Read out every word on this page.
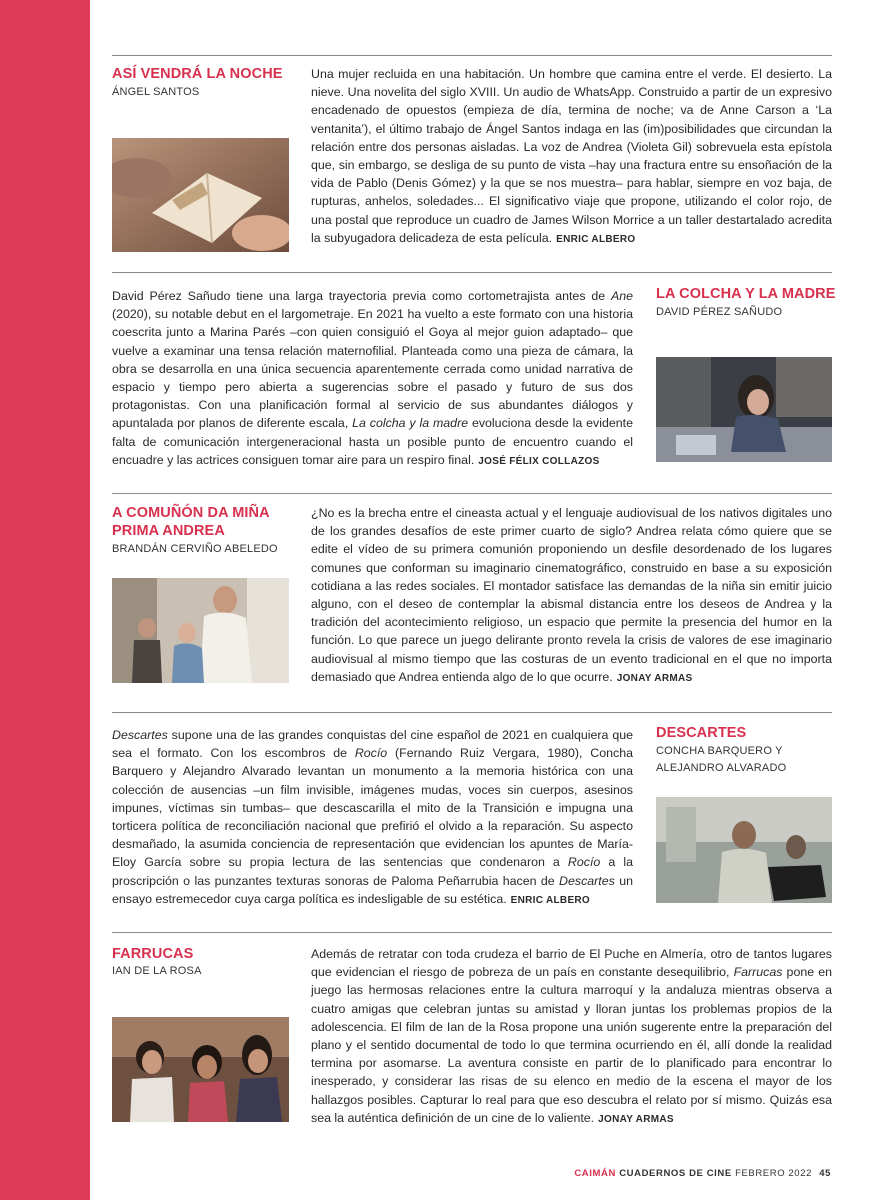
ASÍ VENDRÁ LA NOCHE
ÁNGEL SANTOS
Una mujer recluida en una habitación. Un hombre que camina entre el verde. El desierto. La nieve. Una novelita del siglo XVIII. Un audio de WhatsApp. Construido a partir de un expresivo encadenado de opuestos (empieza de día, termina de noche; va de Anne Carson a ‘La ventanita’), el último trabajo de Ángel Santos indaga en las (im)posibilidades que circundan la relación entre dos personas aisladas. La voz de Andrea (Violeta Gil) sobrevuela esta epístola que, sin embargo, se desliga de su punto de vista –hay una fractura entre su ensoñación de la vida de Pablo (Denis Gómez) y la que se nos muestra– para hablar, siempre en voz baja, de rupturas, anhelos, soledades... El significativo viaje que propone, utilizando el color rojo, de una postal que reproduce un cuadro de James Wilson Morrice a un taller destartalado acredita la subyugadora delicadeza de esta película. ENRIC ALBERO
David Pérez Sañudo tiene una larga trayectoria previa como cortometrajista antes de Ane (2020), su notable debut en el largometraje. En 2021 ha vuelto a este formato con una historia coescrita junto a Marina Parés –con quien consiguió el Goya al mejor guion adaptado– que vuelve a examinar una tensa relación maternofilial. Planteada como una pieza de cámara, la obra se desarrolla en una única secuencia aparentemente cerrada como unidad narrativa de espacio y tiempo pero abierta a sugerencias sobre el pasado y futuro de sus dos protagonistas. Con una planificación formal al servicio de sus abundantes diálogos y apuntalada por planos de diferente escala, La colcha y la madre evoluciona desde la evidente falta de comunicación intergeneracional hasta un posible punto de encuentro cuando el encuadre y las actrices consiguen tomar aire para un respiro final. JOSÉ FÉLIX COLLAZOS
LA COLCHA Y LA MADRE
DAVID PÉREZ SAÑUDO
A COMUÑÓN DA MIÑA PRIMA ANDREA
BRANDÁN CERVIÑO ABELEDO
¿No es la brecha entre el cineasta actual y el lenguaje audiovisual de los nativos digitales uno de los grandes desafíos de este primer cuarto de siglo? Andrea relata cómo quiere que se edite el vídeo de su primera comunión proponiendo un desfile desordenado de los lugares comunes que conforman su imaginario cinematográfico, construido en base a su exposición cotidiana a las redes sociales. El montador satisface las demandas de la niña sin emitir juicio alguno, con el deseo de contemplar la abismal distancia entre los deseos de Andrea y la tradición del acontecimiento religioso, un espacio que permite la presencia del humor en la función. Lo que parece un juego delirante pronto revela la crisis de valores de ese imaginario audiovisual al mismo tiempo que las costuras de un evento tradicional en el que no importa demasiado que Andrea entienda algo de lo que ocurre. JONAY ARMAS
Descartes supone una de las grandes conquistas del cine español de 2021 en cualquiera que sea el formato. Con los escombros de Rocío (Fernando Ruiz Vergara, 1980), Concha Barquero y Alejandro Alvarado levantan un monumento a la memoria histórica con una colección de ausencias –un film invisible, imágenes mudas, voces sin cuerpos, asesinos impunes, víctimas sin tumbas– que descascarilla el mito de la Transición e impugna una torticera política de reconciliación nacional que prefirió el olvido a la reparación. Su aspecto desmañado, la asumida conciencia de representación que evidencian los apuntes de María-Eloy García sobre su propia lectura de las sentencias que condenaron a Rocío a la proscripción o las punzantes texturas sonoras de Paloma Peñarrubia hacen de Descartes un ensayo estremecedor cuya carga política es indesligable de su estética. ENRIC ALBERO
DESCARTES
CONCHA BARQUERO Y ALEJANDRO ALVARADO
FARRUCAS
IAN DE LA ROSA
Además de retratar con toda crudeza el barrio de El Puche en Almería, otro de tantos lugares que evidencian el riesgo de pobreza de un país en constante desequilibrio, Farrucas pone en juego las hermosas relaciones entre la cultura marroquí y la andaluza mientras observa a cuatro amigas que celebran juntas su amistad y lloran juntas los problemas propios de la adolescencia. El film de Ian de la Rosa propone una unión sugerente entre la preparación del plano y el sentido documental de todo lo que termina ocurriendo en él, allí donde la realidad termina por asomarse. La aventura consiste en partir de lo planificado para encontrar lo inesperado, y considerar las risas de su elenco en medio de la escena el mayor de los hallazgos posibles. Capturar lo real para que eso descubra el relato por sí mismo. Quizás esa sea la auténtica definición de un cine de lo valiente. JONAY ARMAS
CAIMÁN CUADERNOS DE CINE FEBRERO 2022 45
